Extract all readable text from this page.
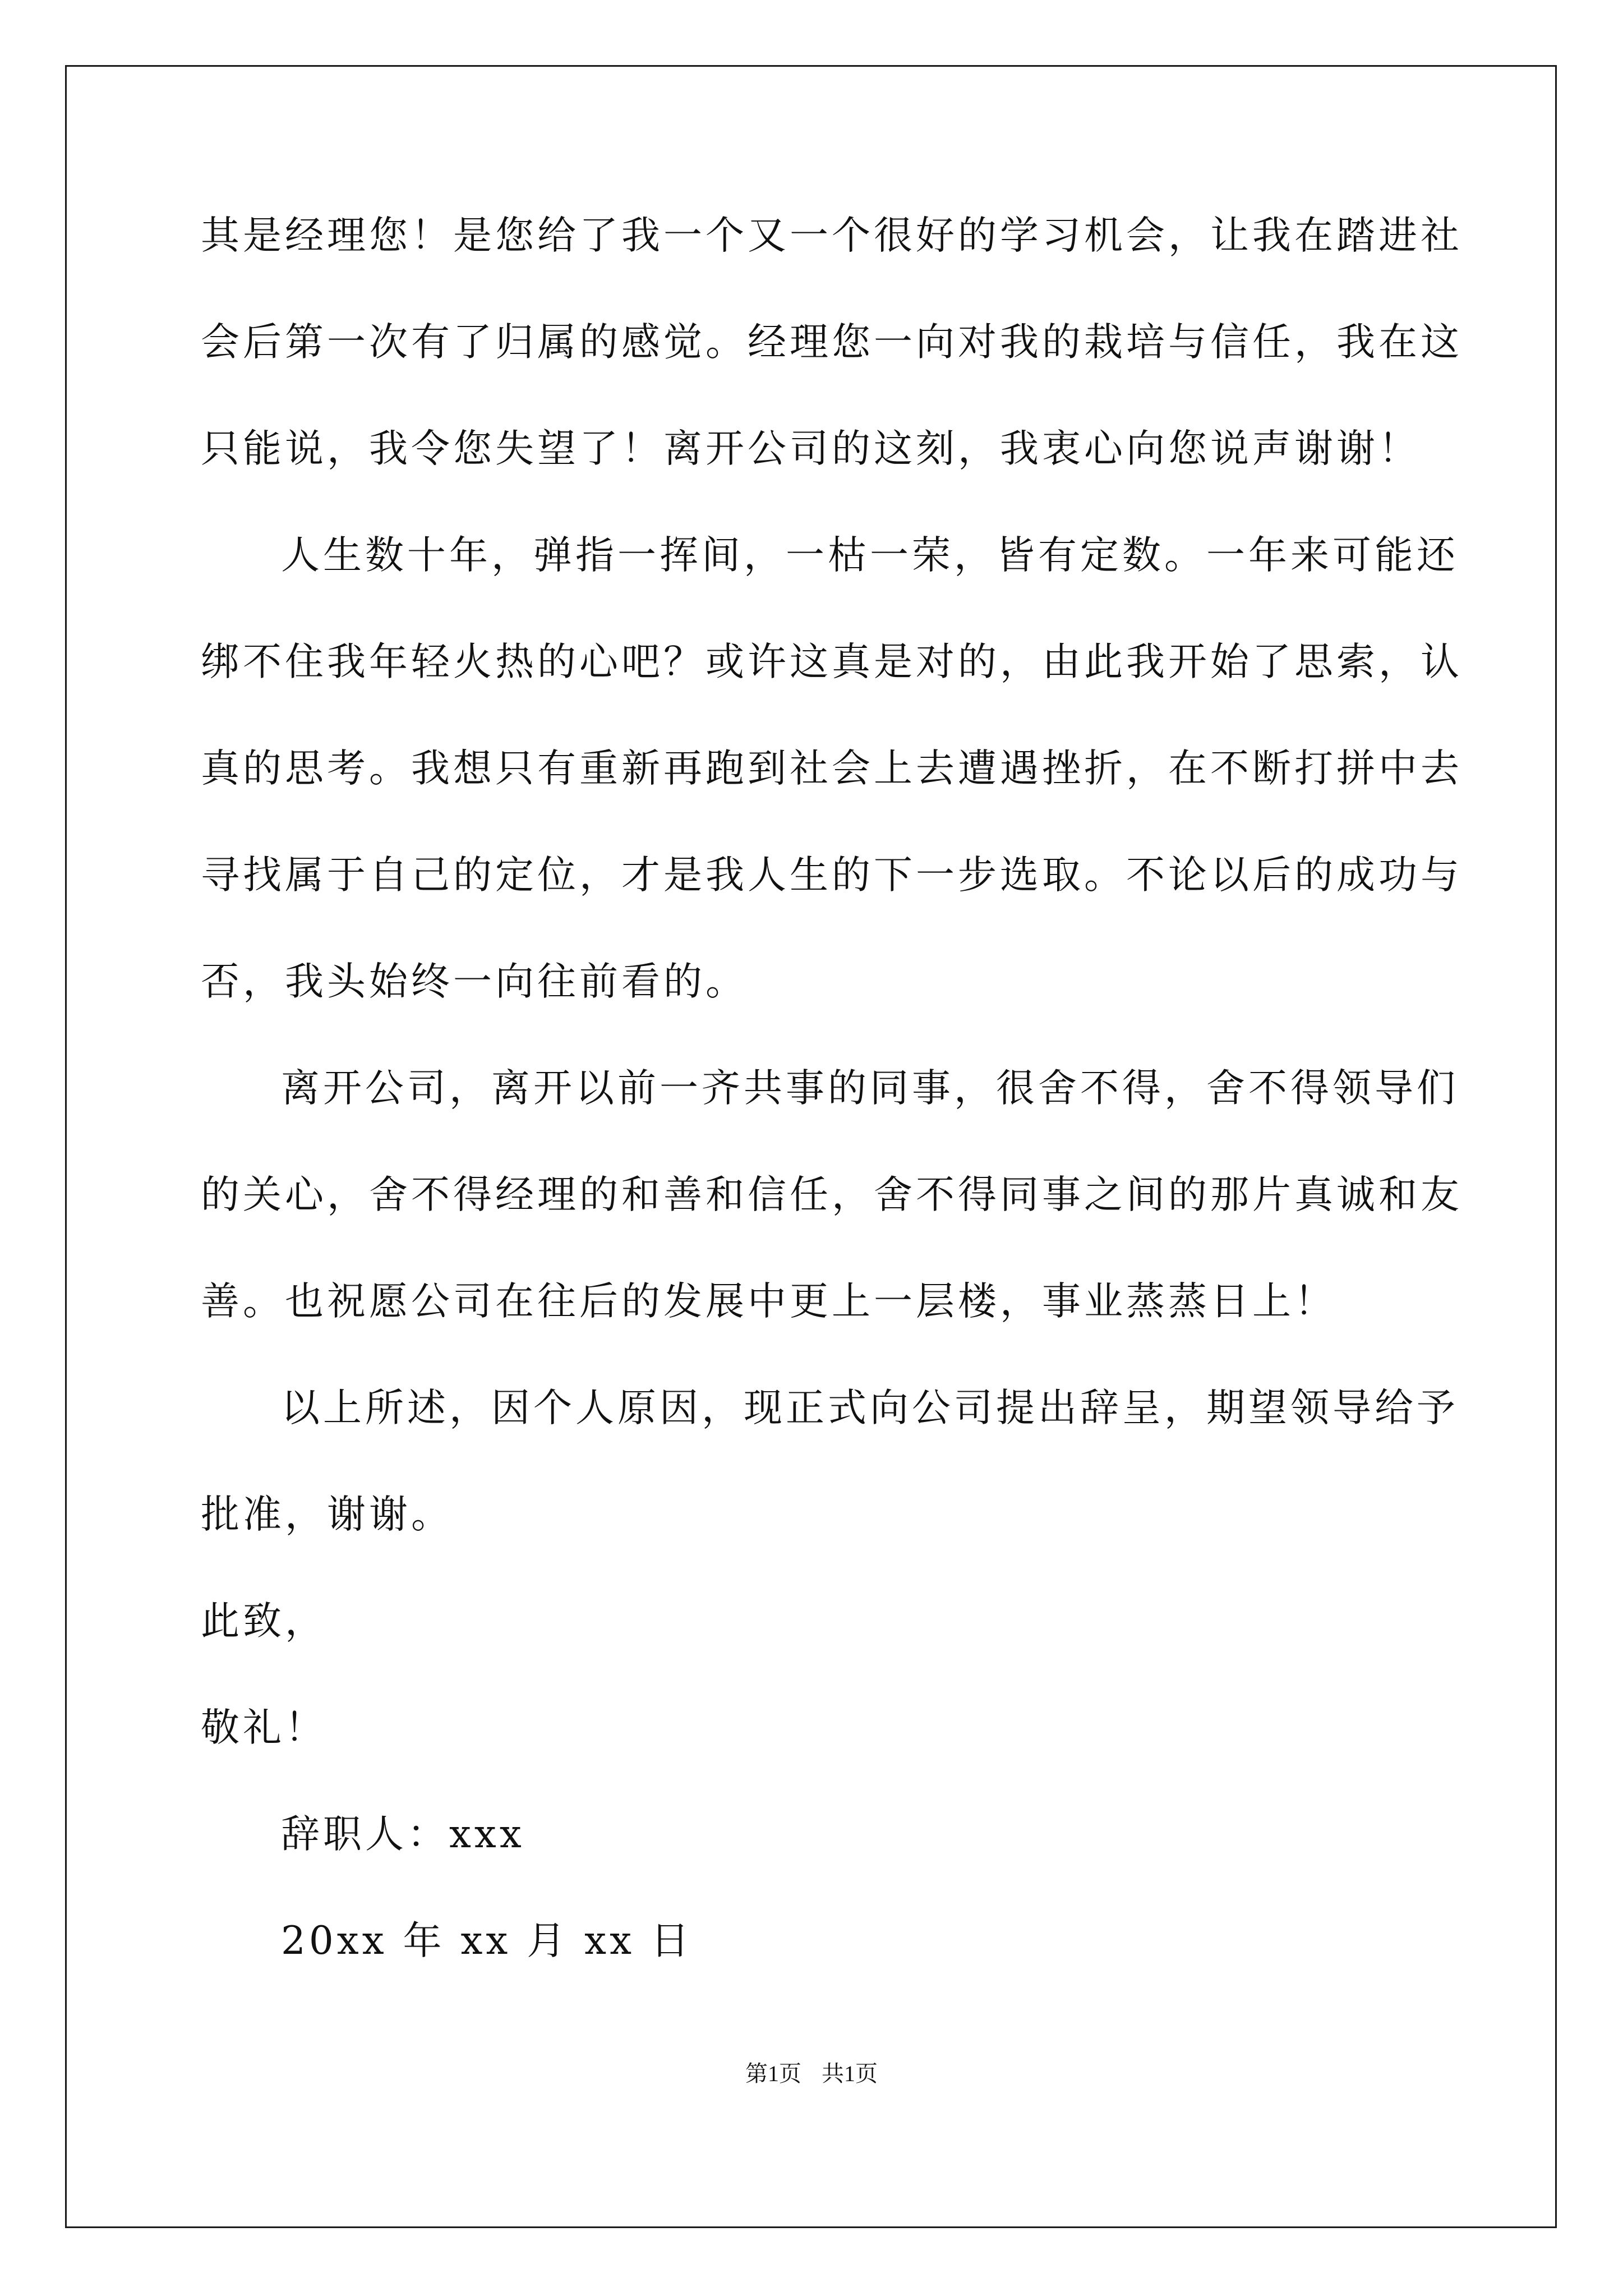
其是经理您！是您给了我一个又一个很好的学习机会，让我在踏进社
会后第一次有了归属的感觉。经理您一向对我的栽培与信任，我在这
只能说，我令您失望了！离开公司的这刻，我衷心向您说声谢谢！
人生数十年，弹指一挥间，一枯一荣，皆有定数。一年来可能还
绑不住我年轻火热的心吧？或许这真是对的，由此我开始了思索，认
真的思考。我想只有重新再跑到社会上去遭遇挫折，在不断打拼中去
寻找属于自己的定位，才是我人生的下一步选取。不论以后的成功与
否，我头始终一向往前看的。
离开公司，离开以前一齐共事的同事，很舍不得，舍不得领导们
的关心，舍不得经理的和善和信任，舍不得同事之间的那片真诚和友
善。也祝愿公司在往后的发展中更上一层楼，事业蒸蒸日上！
以上所述，因个人原因，现正式向公司提出辞呈，期望领导给予
批准，谢谢。
此致，
敬礼！
辞职人：xxx
20xx 年 xx 月 xx 日
第1页 共1页
